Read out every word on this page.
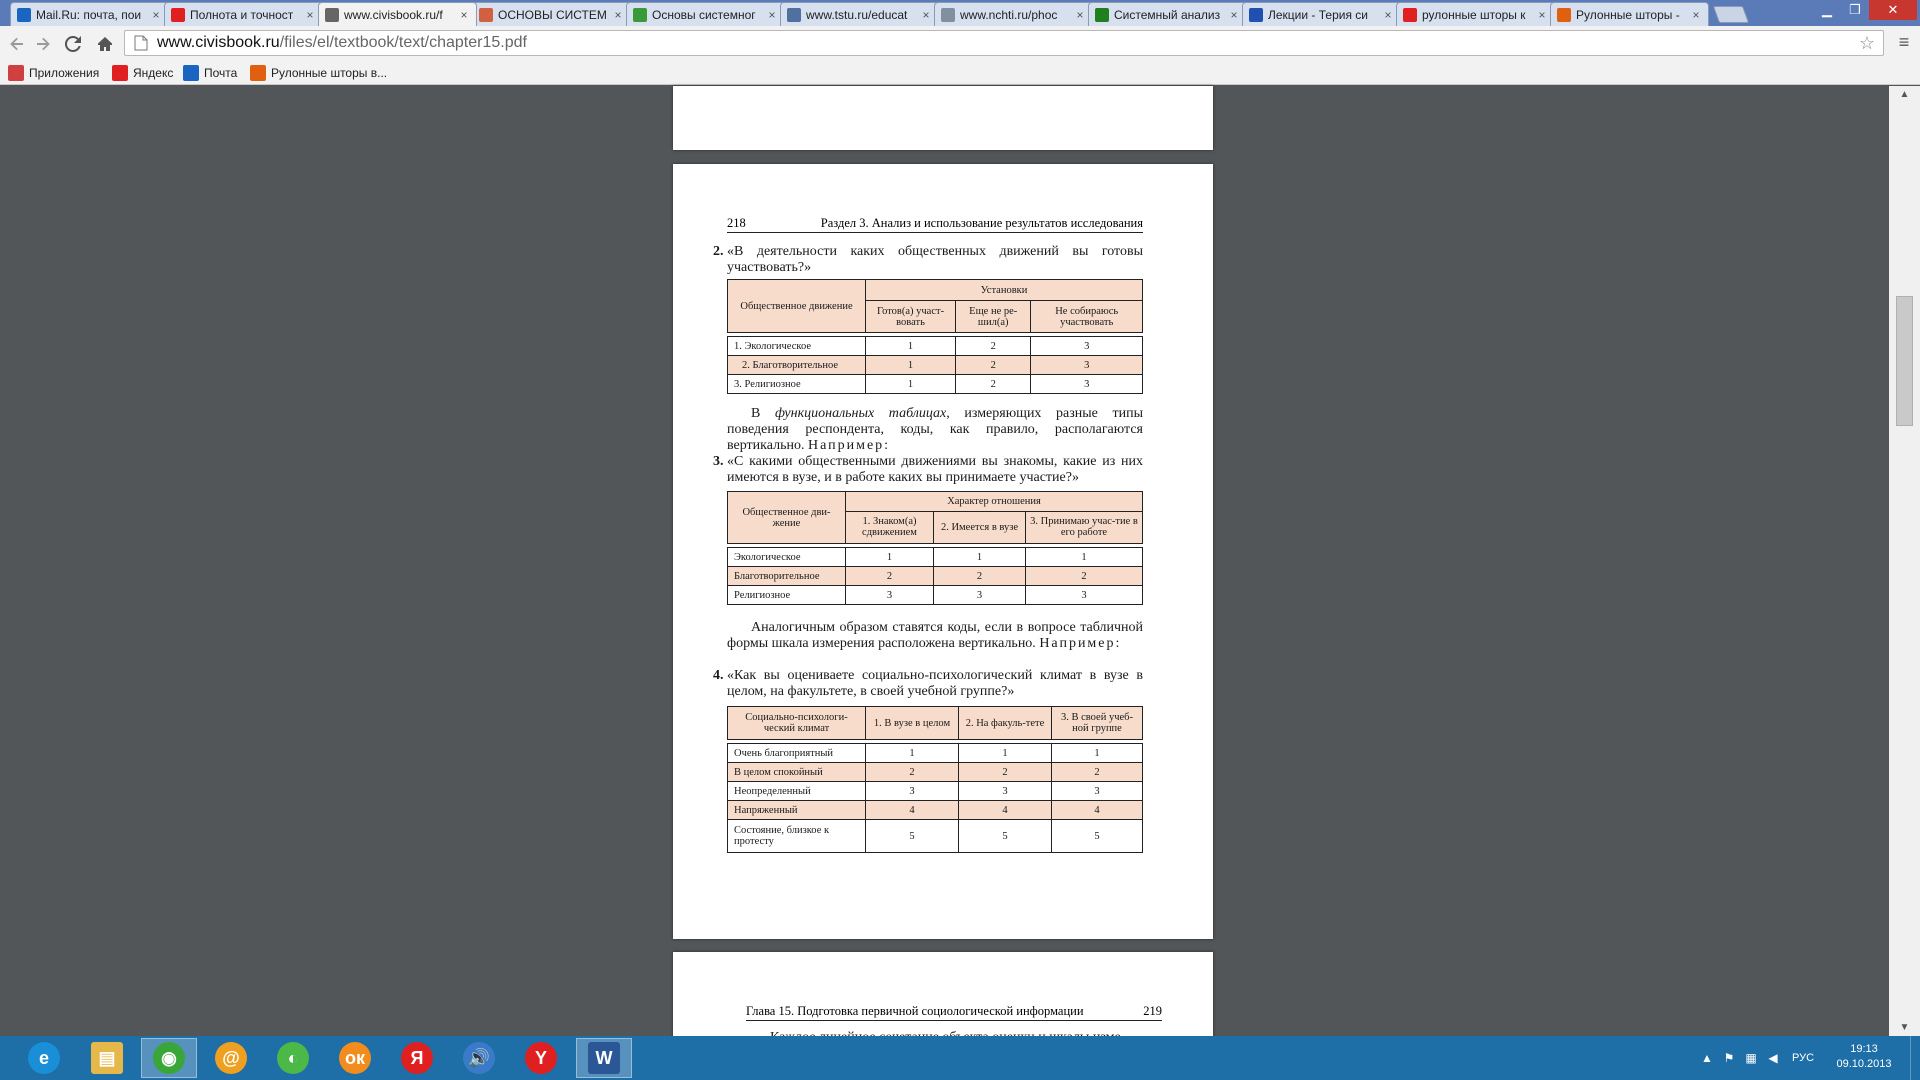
Mail.Ru: почта, пои ×	Полнота и точност	×	www.civisbook.ru/f	×	ОСНОВЫ СИСТЕМ ×	Основы системног	×	www.tstu.ru/educat	×	www.nchti.ru/phoc	×	Системный анализ ×	Лекции - Терия си	×	рулонные шторы к	×	Рулонные шторы -	×	▁	❐	✕
www.civisbook.ru /files/el/textbook/text/chapter15.pdf	☆ ≡
Приложения	Яндекс	Почта	Рулонные шторы в...
218	Раздел 3. Анализ и использование результатов исследования

2. «В деятельности каких общественных движений вы готовы участвовать?»
Общественное движение	Установки		
	Готов(а) участ-вовать	Еще не ре-шил(а)	Не собираюсь участвовать

1. Экологическое	1	2	3
2. Благотворительное	1	2	3
3. Религиозное	1	2	3
В функциональных таблицах, измеряющих разные типы поведения респондента, коды, как правило, располагаются вертикально. Например:
3. «С какими общественными движениями вы знакомы, какие из них имеются в вузе, и в работе каких вы принимаете участие?»
Общественное дви-жение	Характер отношения		
	1. Знаком(а) сдвижением	2. Имеется в вузе	3. Принимаю учас-тие в его работе

Экологическое	1	1	1
Благотворительное	2	2	2
Религиозное	3	3	3
Аналогичным образом ставятся коды, если в вопросе табличной формы шкала измерения расположена вертикально. Например:
4. «Как вы оцениваете социально-психологический климат в вузе в целом, на факультете, в своей учебной группе?»
Социально-психологи-ческий климат	1. В вузе в целом	2. На факуль-тете	3. В своей учеб-ной группе

Очень благоприятный	1	1	1
В целом спокойный	2	2	2
Неопределенный	3	3	3
Напряженный	4	4	4
Состояние, близкое к протесту	5	5	5
219
Глава 15. Подготовка первичной социологической информации

▲
▼
e	▤	◉	@	◐	ок	Я	🔊	Y	W	▲ ⚑ ▦ ◀	РУС
19:13
09.10.2013
